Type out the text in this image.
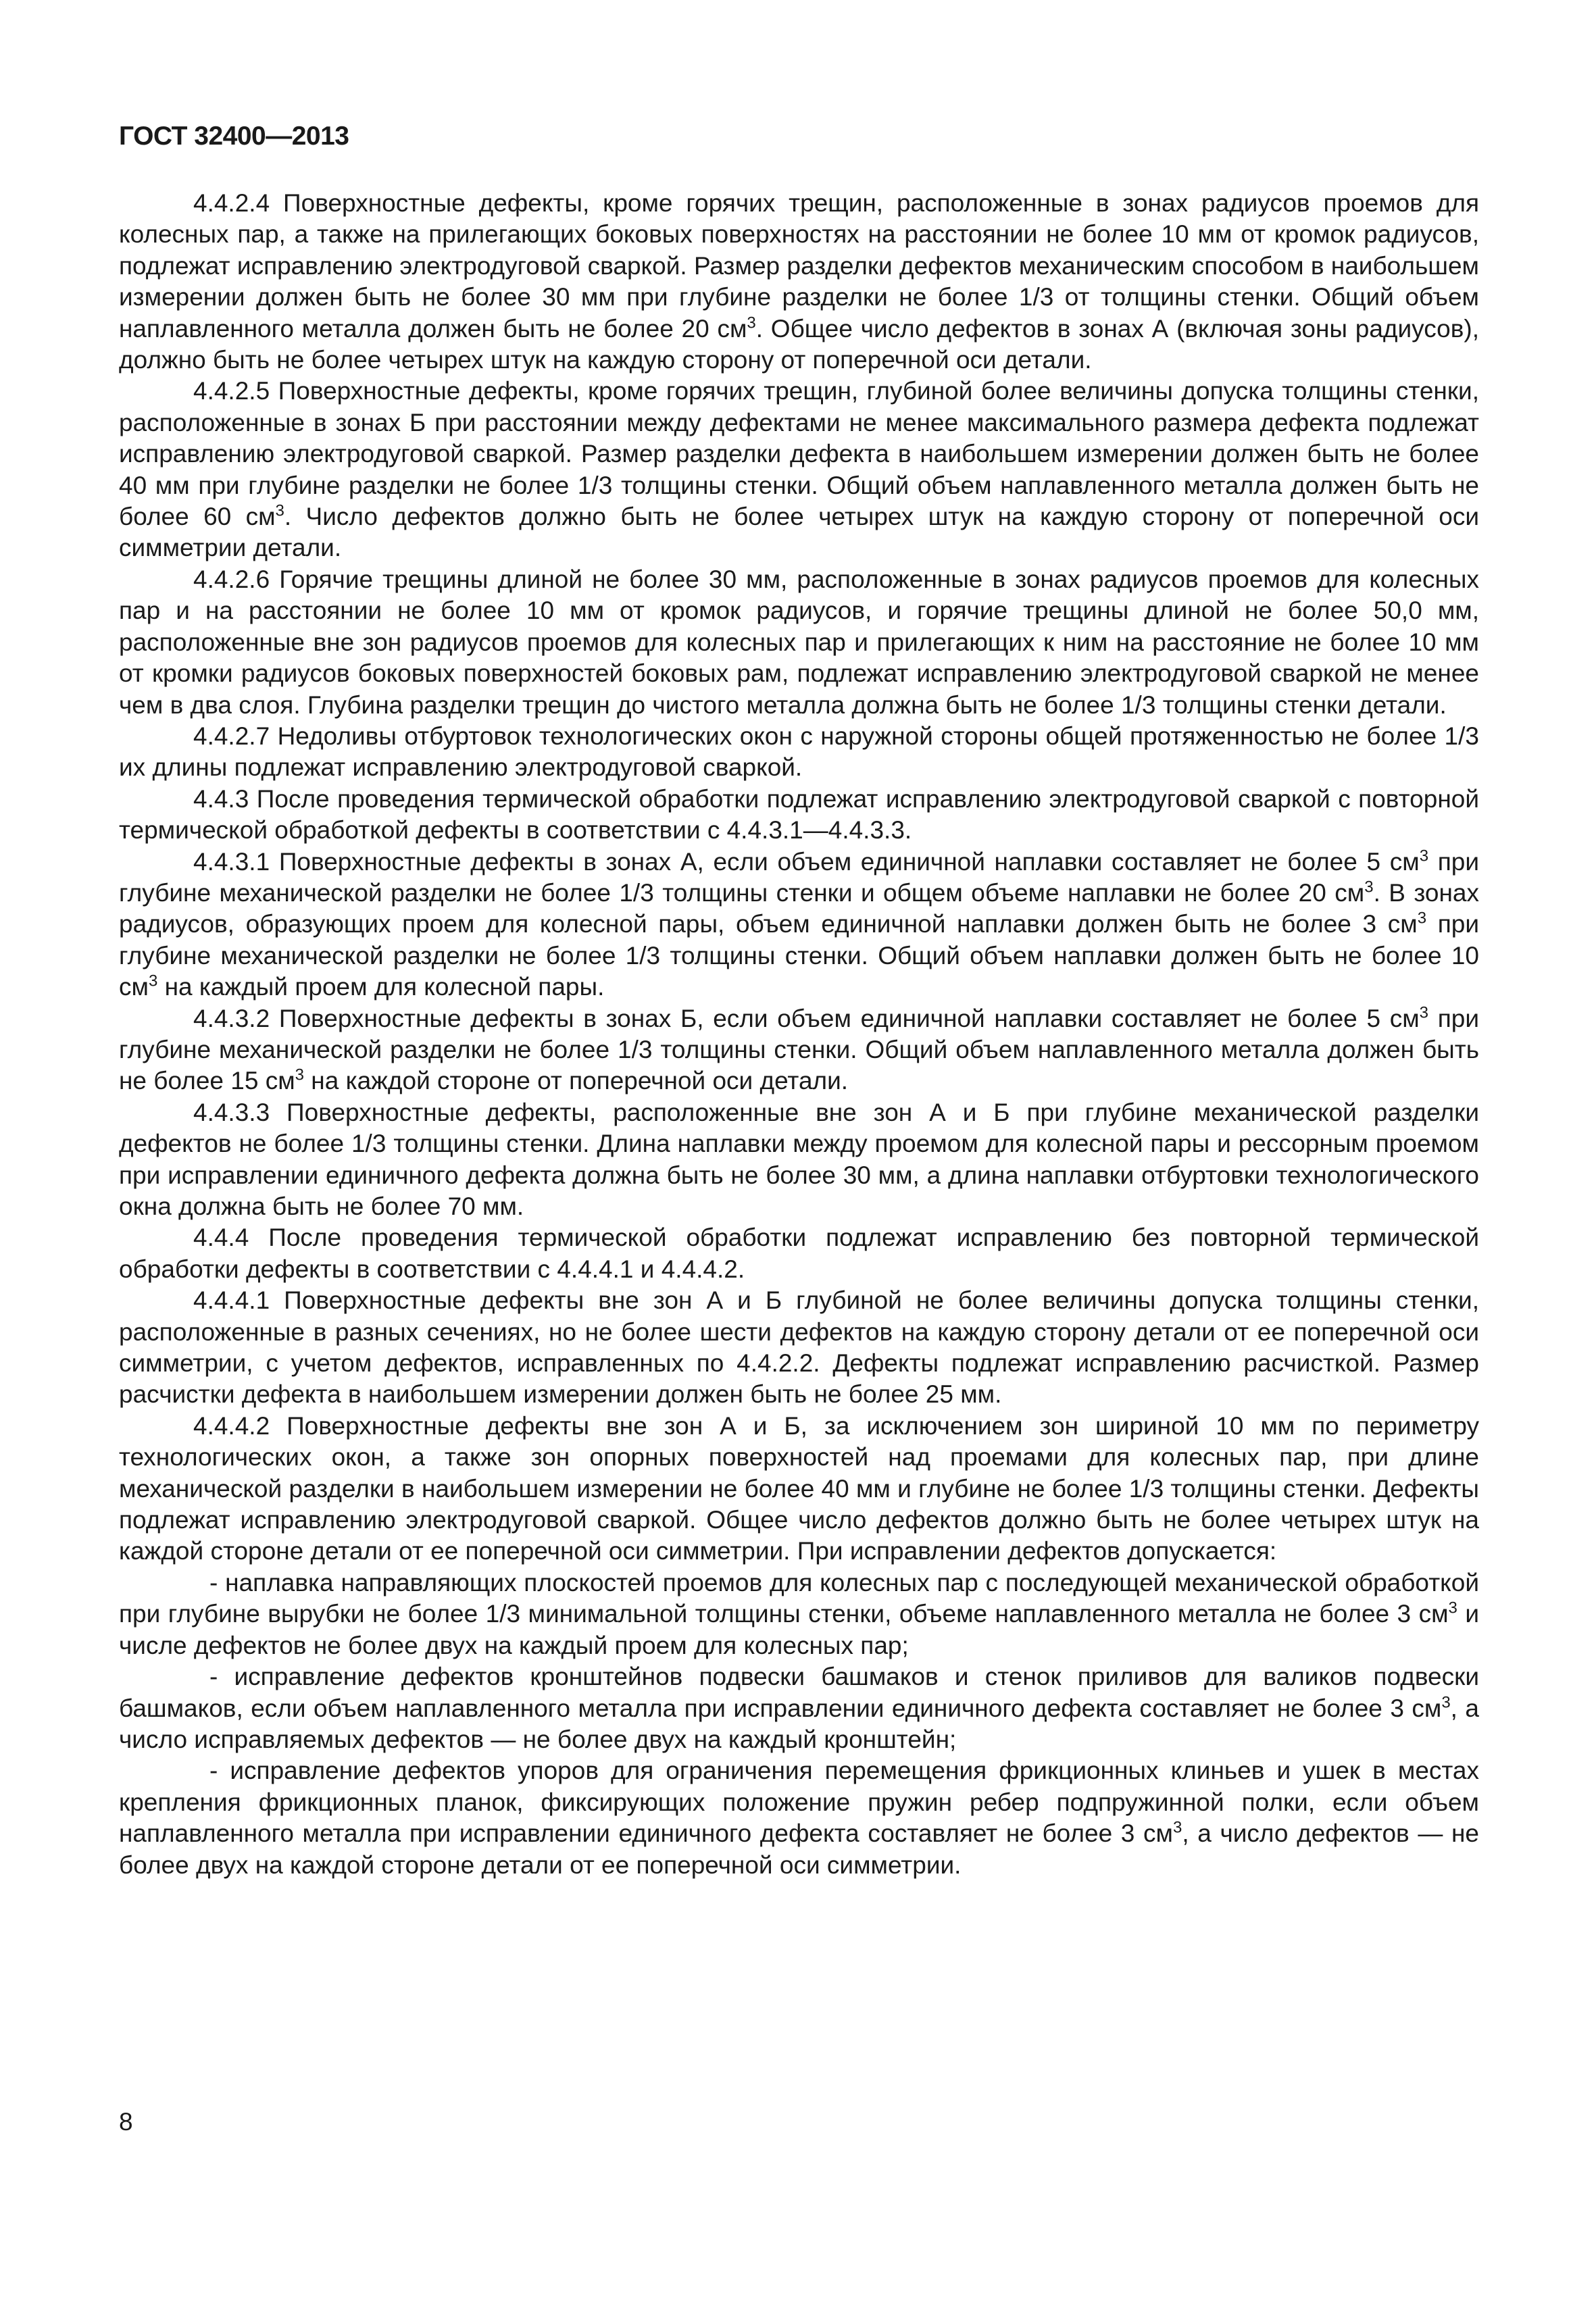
ГОСТ 32400—2013

4.4.2.4 Поверхностные дефекты, кроме горячих трещин, расположенные в зонах радиусов проемов для колесных пар, а также на прилегающих боковых поверхностях на расстоянии не более 10 мм от кромок радиусов, подлежат исправлению электродуговой сваркой. Размер разделки дефектов механическим способом в наибольшем измерении должен быть не более 30 мм при глубине разделки не более 1/3 от толщины стенки. Общий объем наплавленного металла должен быть не более 20 $см^3$. Общее число дефектов в зонах А (включая зоны радиусов), должно быть не более четырех штук на каждую сторону от поперечной оси детали.

4.4.2.5 Поверхностные дефекты, кроме горячих трещин, глубиной более величины допуска толщины стенки, расположенные в зонах Б при расстоянии между дефектами не менее максимального размера дефекта подлежат исправлению электродуговой сваркой. Размер разделки дефекта в наибольшем измерении должен быть не более 40 мм при глубине разделки не более 1/3 толщины стенки. Общий объем наплавленного металла должен быть не более 60 $см^3$. Число дефектов должно быть не более четырех штук на каждую сторону от поперечной оси симметрии детали.

4.4.2.6 Горячие трещины длиной не более 30 мм, расположенные в зонах радиусов проемов для колесных пар и на расстоянии не более 10 мм от кромок радиусов, и горячие трещины длиной не более 50,0 мм, расположенные вне зон радиусов проемов для колесных пар и прилегающих к ним на расстояние не более 10 мм от кромки радиусов боковых поверхностей боковых рам, подлежат исправлению электродуговой сваркой не менее чем в два слоя. Глубина разделки трещин до чистого металла должна быть не более 1/3 толщины стенки детали.

4.4.2.7 Недоливы отбуртовок технологических окон с наружной стороны общей протяженностью не более 1/3 их длины подлежат исправлению электродуговой сваркой.

4.4.3 После проведения термической обработки подлежат исправлению электродуговой сваркой с повторной термической обработкой дефекты в соответствии с 4.4.3.1—4.4.3.3.

4.4.3.1 Поверхностные дефекты в зонах А, если объем единичной наплавки составляет не более 5 $см^3$ при глубине механической разделки не более 1/3 толщины стенки и общем объеме наплавки не более 20 $см^3$. В зонах радиусов, образующих проем для колесной пары, объем единичной наплавки должен быть не более 3 $см^3$ при глубине механической разделки не более 1/3 толщины стенки. Общий объем наплавки должен быть не более 10 $см^3$ на каждый проем для колесной пары.

4.4.3.2 Поверхностные дефекты в зонах Б, если объем единичной наплавки составляет не более 5 $см^3$ при глубине механической разделки не более 1/3 толщины стенки. Общий объем наплавленного металла должен быть не более 15 $см^3$ на каждой стороне от поперечной оси детали.

4.4.3.3 Поверхностные дефекты, расположенные вне зон А и Б при глубине механической разделки дефектов не более 1/3 толщины стенки. Длина наплавки между проемом для колесной пары и рессорным проемом при исправлении единичного дефекта должна быть не более 30 мм, а длина наплавки отбуртовки технологического окна должна быть не более 70 мм.

4.4.4 После проведения термической обработки подлежат исправлению без повторной термической обработки дефекты в соответствии с 4.4.4.1 и 4.4.4.2.

4.4.4.1 Поверхностные дефекты вне зон А и Б глубиной не более величины допуска толщины стенки, расположенные в разных сечениях, но не более шести дефектов на каждую сторону детали от ее поперечной оси симметрии, с учетом дефектов, исправленных по 4.4.2.2. Дефекты подлежат исправлению расчисткой. Размер расчистки дефекта в наибольшем измерении должен быть не более 25 мм.

4.4.4.2 Поверхностные дефекты вне зон А и Б, за исключением зон шириной 10 мм по периметру технологических окон, а также зон опорных поверхностей над проемами для колесных пар, при длине механической разделки в наибольшем измерении не более 40 мм и глубине не более 1/3 толщины стенки. Дефекты подлежат исправлению электродуговой сваркой. Общее число дефектов должно быть не более четырех штук на каждой стороне детали от ее поперечной оси симметрии. При исправлении дефектов допускается:

- наплавка направляющих плоскостей проемов для колесных пар с последующей механической обработкой при глубине вырубки не более 1/3 минимальной толщины стенки, объеме наплавленного металла не более 3 $см^3$ и числе дефектов не более двух на каждый проем для колесных пар;

- исправление дефектов кронштейнов подвески башмаков и стенок приливов для валиков подвески башмаков, если объем наплавленного металла при исправлении единичного дефекта составляет не более 3 $см^3$, а число исправляемых дефектов — не более двух на каждый кронштейн;

- исправление дефектов упоров для ограничения перемещения фрикционных клиньев и ушек в местах крепления фрикционных планок, фиксирующих положение пружин ребер подпружинной полки, если объем наплавленного металла при исправлении единичного дефекта составляет не более 3 $см^3$, а число дефектов — не более двух на каждой стороне детали от ее поперечной оси симметрии.

8
